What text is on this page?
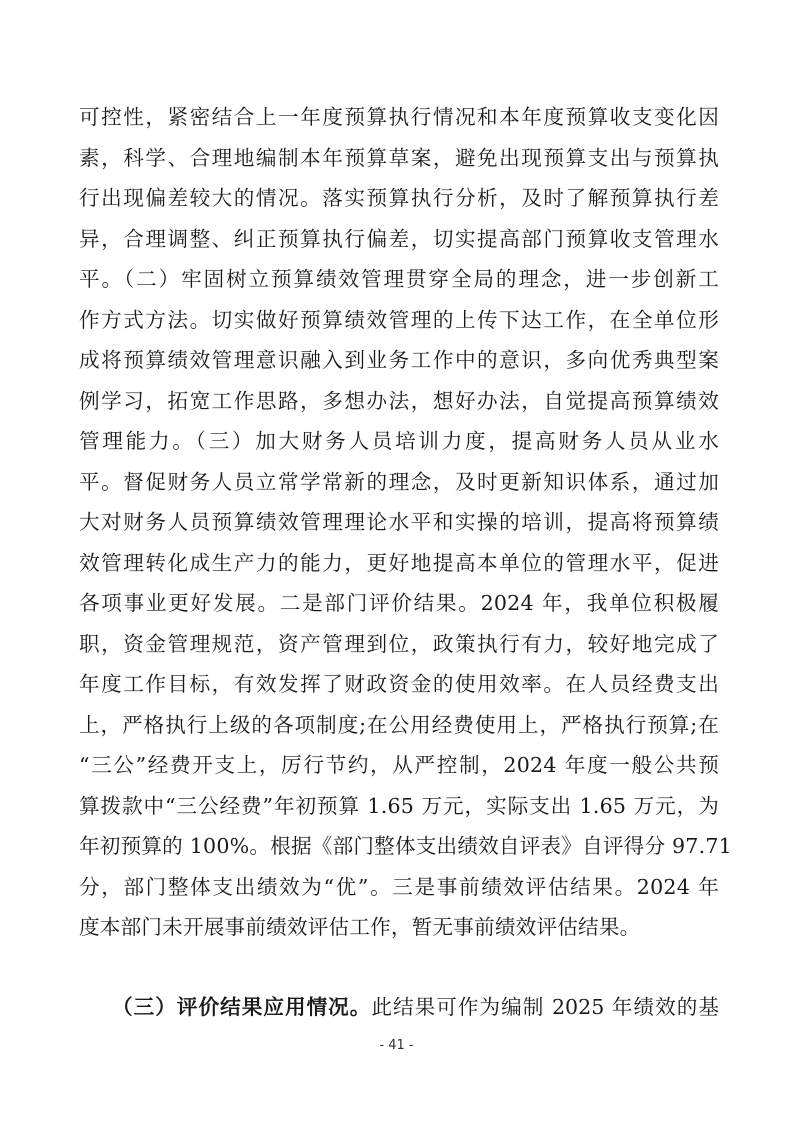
可控性，紧密结合上一年度预算执行情况和本年度预算收支变化因
素，科学、合理地编制本年预算草案，避免出现预算支出与预算执
行出现偏差较大的情况。落实预算执行分析，及时了解预算执行差
异，合理调整、纠正预算执行偏差，切实提高部门预算收支管理水
平。（二）牢固树立预算绩效管理贯穿全局的理念，进一步创新工
作方式方法。切实做好预算绩效管理的上传下达工作，在全单位形
成将预算绩效管理意识融入到业务工作中的意识，多向优秀典型案
例学习，拓宽工作思路，多想办法，想好办法，自觉提高预算绩效
管理能力。（三）加大财务人员培训力度，提高财务人员从业水
平。督促财务人员立常学常新的理念，及时更新知识体系，通过加
大对财务人员预算绩效管理理论水平和实操的培训，提高将预算绩
效管理转化成生产力的能力，更好地提高本单位的管理水平，促进
各项事业更好发展。二是部门评价结果。2024 年，我单位积极履
职，资金管理规范，资产管理到位，政策执行有力，较好地完成了
年度工作目标，有效发挥了财政资金的使用效率。在人员经费支出
上，严格执行上级的各项制度;在公用经费使用上，严格执行预算;在
“三公”经费开支上，厉行节约，从严控制，2024 年度一般公共预
算拨款中“三公经费”年初预算 1.65 万元，实际支出 1.65 万元，为
年初预算的 100%。根据《部门整体支出绩效自评表》自评得分 97.71
分，部门整体支出绩效为“优”。三是事前绩效评估结果。2024 年
度本部门未开展事前绩效评估工作，暂无事前绩效评估结果。
（三）评价结果应用情况。此结果可作为编制 2025 年绩效的基
- 41 -
